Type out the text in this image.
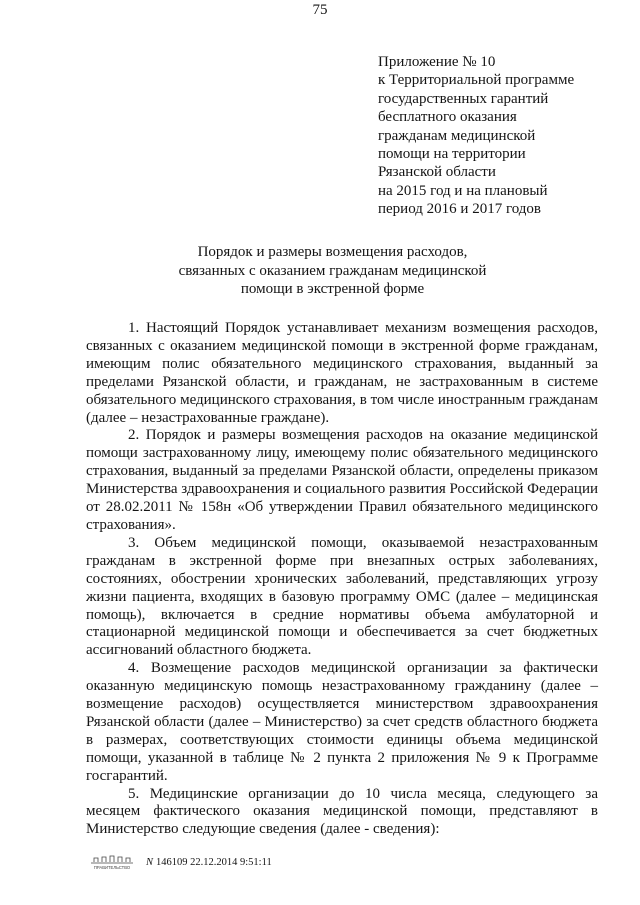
75
Приложение № 10
к Территориальной программе
государственных гарантий
бесплатного оказания
гражданам медицинской
помощи на территории
Рязанской области
на 2015 год и на плановый
период 2016 и 2017 годов
Порядок и размеры возмещения расходов,
связанных с оказанием гражданам медицинской
помощи в экстренной форме

1. Настоящий Порядок устанавливает механизм возмещения расходов, связанных с оказанием медицинской помощи в экстренной форме гражданам, имеющим полис обязательного медицинского страхования, выданный за пределами Рязанской области, и гражданам, не застрахованным в системе обязательного медицинского страхования, в том числе иностранным гражданам (далее – незастрахованные граждане).

2. Порядок и размеры возмещения расходов на оказание медицинской помощи застрахованному лицу, имеющему полис обязательного медицинского страхования, выданный за пределами Рязанской области, определены приказом Министерства здравоохранения и социального развития Российской Федерации от 28.02.2011 № 158н «Об утверждении Правил обязательного медицинского страхования».

3. Объем медицинской помощи, оказываемой незастрахованным гражданам в экстренной форме при внезапных острых заболеваниях, состояниях, обострении хронических заболеваний, представляющих угрозу жизни пациента, входящих в базовую программу ОМС (далее – медицинская помощь), включается в средние нормативы объема амбулаторной и стационарной медицинской помощи и обеспечивается за счет бюджетных ассигнований областного бюджета.

4. Возмещение расходов медицинской организации за фактически оказанную медицинскую помощь незастрахованному гражданину (далее – возмещение расходов) осуществляется министерством здравоохранения Рязанской области (далее – Министерство) за счет средств областного бюджета в размерах, соответствующих стоимости единицы объема медицинской помощи, указанной в таблице № 2 пункта 2 приложения № 9 к Программе госгарантий.

5. Медицинские организации до 10 числа месяца, следующего за месяцем фактического оказания медицинской помощи, представляют в Министерство следующие сведения (далее - сведения):

ПРАВИТЕЛЬСТВО N 146109 22.12.2014 9:51:11
